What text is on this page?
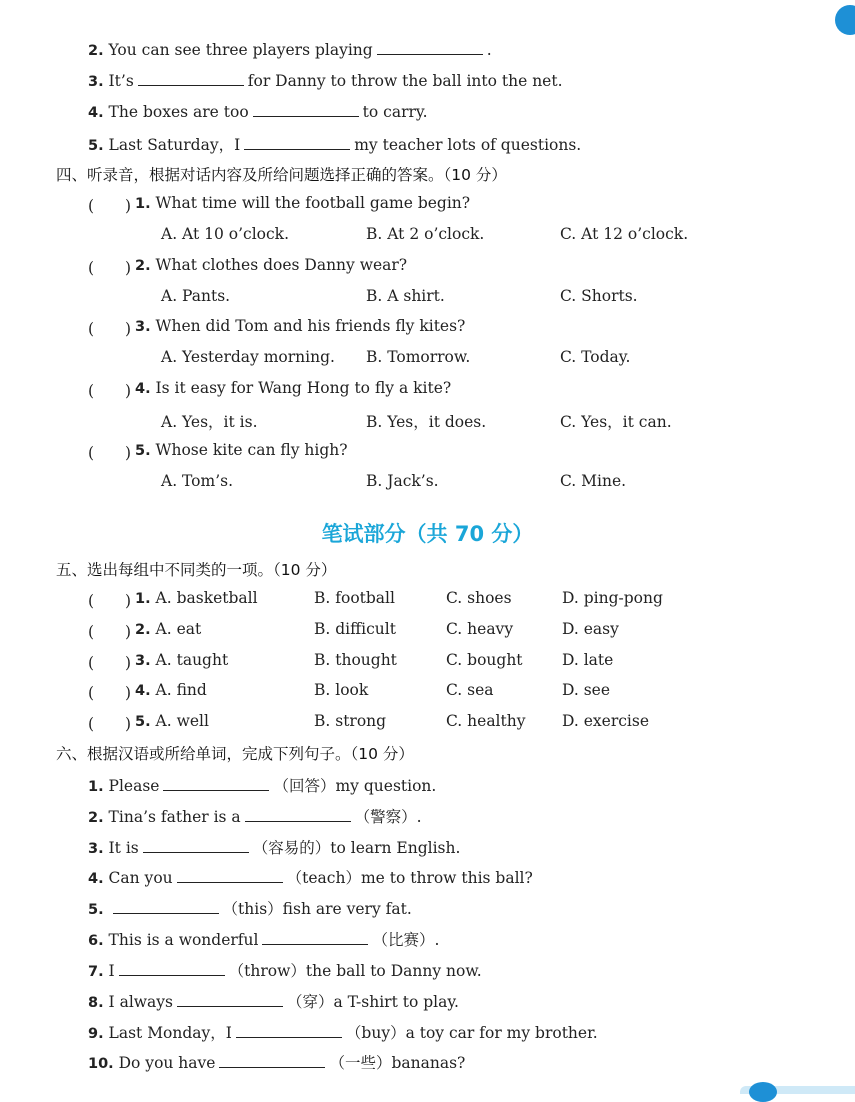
2. You can see three players playing	.
3. It’s	for Danny to throw the ball into the net.
4. The boxes are too	to carry.
5. Last Saturday，I	my teacher lots of questions.
四、听录音，根据对话内容及所给问题选择正确的答案。（10 分）
(　　) 1. What time will the football game begin?
A. At 10 o’clock.	B. At 2 o’clock.	C. At 12 o’clock.
(　　) 2. What clothes does Danny wear?
A. Pants.	B. A shirt.	C. Shorts.
(　　) 3. When did Tom and his friends fly kites?
A. Yesterday morning. B. Tomorrow.	C. Today.
(　　) 4. Is it easy for Wang Hong to fly a kite?
A. Yes，it is.	B. Yes，it does.	C. Yes，it can.
(　　) 5. Whose kite can fly high?
A. Tom’s.	B. Jack’s.	C. Mine.
笔试部分（共 70 分）
五、选出每组中不同类的一项。（10 分）
(　　) 1. A. basketball	B. football	C. shoes	D. ping-pong
(　　) 2. A. eat	B. difficult	C. heavy	D. easy
(　　) 3. A. taught	B. thought	C. bought	D. late
(　　) 4. A. find	B. look	C. sea	D. see
(　　) 5. A. well	B. strong	C. healthy D. exercise
六、根据汉语或所给单词，完成下列句子。（10 分）
1. Please	（回答）my question.
2. Tina’s father is a	（警察）.
3. It is	（容易的）to learn English.
4. Can you	（teach）me to throw this ball?
5.	（this）fish are very fat.
6. This is a wonderful	（比赛）.
7. I	（throw）the ball to Danny now.
8. I always	（穿）a T-shirt to play.
9. Last Monday，I	（buy）a toy car for my brother.
10. Do you have	（一些）bananas?
